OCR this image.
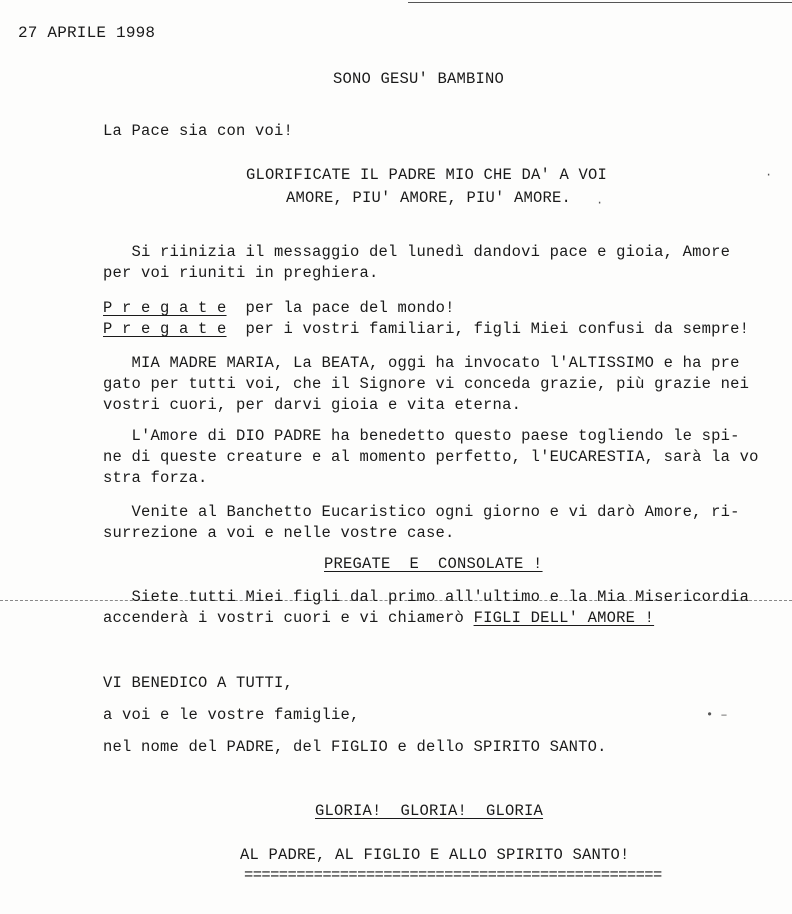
27 APRILE 1998
SONO GESU' BAMBINO
La Pace sia con voi!
GLORIFICATE IL PADRE MIO CHE DA' A VOI
AMORE, PIU' AMORE, PIU' AMORE.
Si riinizia il messaggio del lunedì dandovi pace e gioia, Amore
per voi riuniti in preghiera.
P r e g a t e  per la pace del mondo!
P r e g a t e  per i vostri familiari, figli Miei confusi da sempre!
MIA MADRE MARIA, La BEATA, oggi ha invocato l'ALTISSIMO e ha pre
gato per tutti voi, che il Signore vi conceda grazie, più grazie nei
vostri cuori, per darvi gioia e vita eterna.
L'Amore di DIO PADRE ha benedetto questo paese togliendo le spi-
ne di queste creature e al momento perfetto, l'EUCARESTIA, sarà la vo
stra forza.
Venite al Banchetto Eucaristico ogni giorno e vi darò Amore, ri-
surrezione a voi e nelle vostre case.
PREGATE  E  CONSOLATE !
Siete tutti Miei figli dal primo all'ultimo e la Mia Misericordia
accenderà i vostri cuori e vi chiamerò FIGLI DELL' AMORE !
VI BENEDICO A TUTTI,
a voi e le vostre famiglie,
nel nome del PADRE, del FIGLIO e dello SPIRITO SANTO.
GLORIA!  GLORIA!  GLORIA
AL PADRE, AL FIGLIO E ALLO SPIRITO SANTO!
================================================
• –
·
·
